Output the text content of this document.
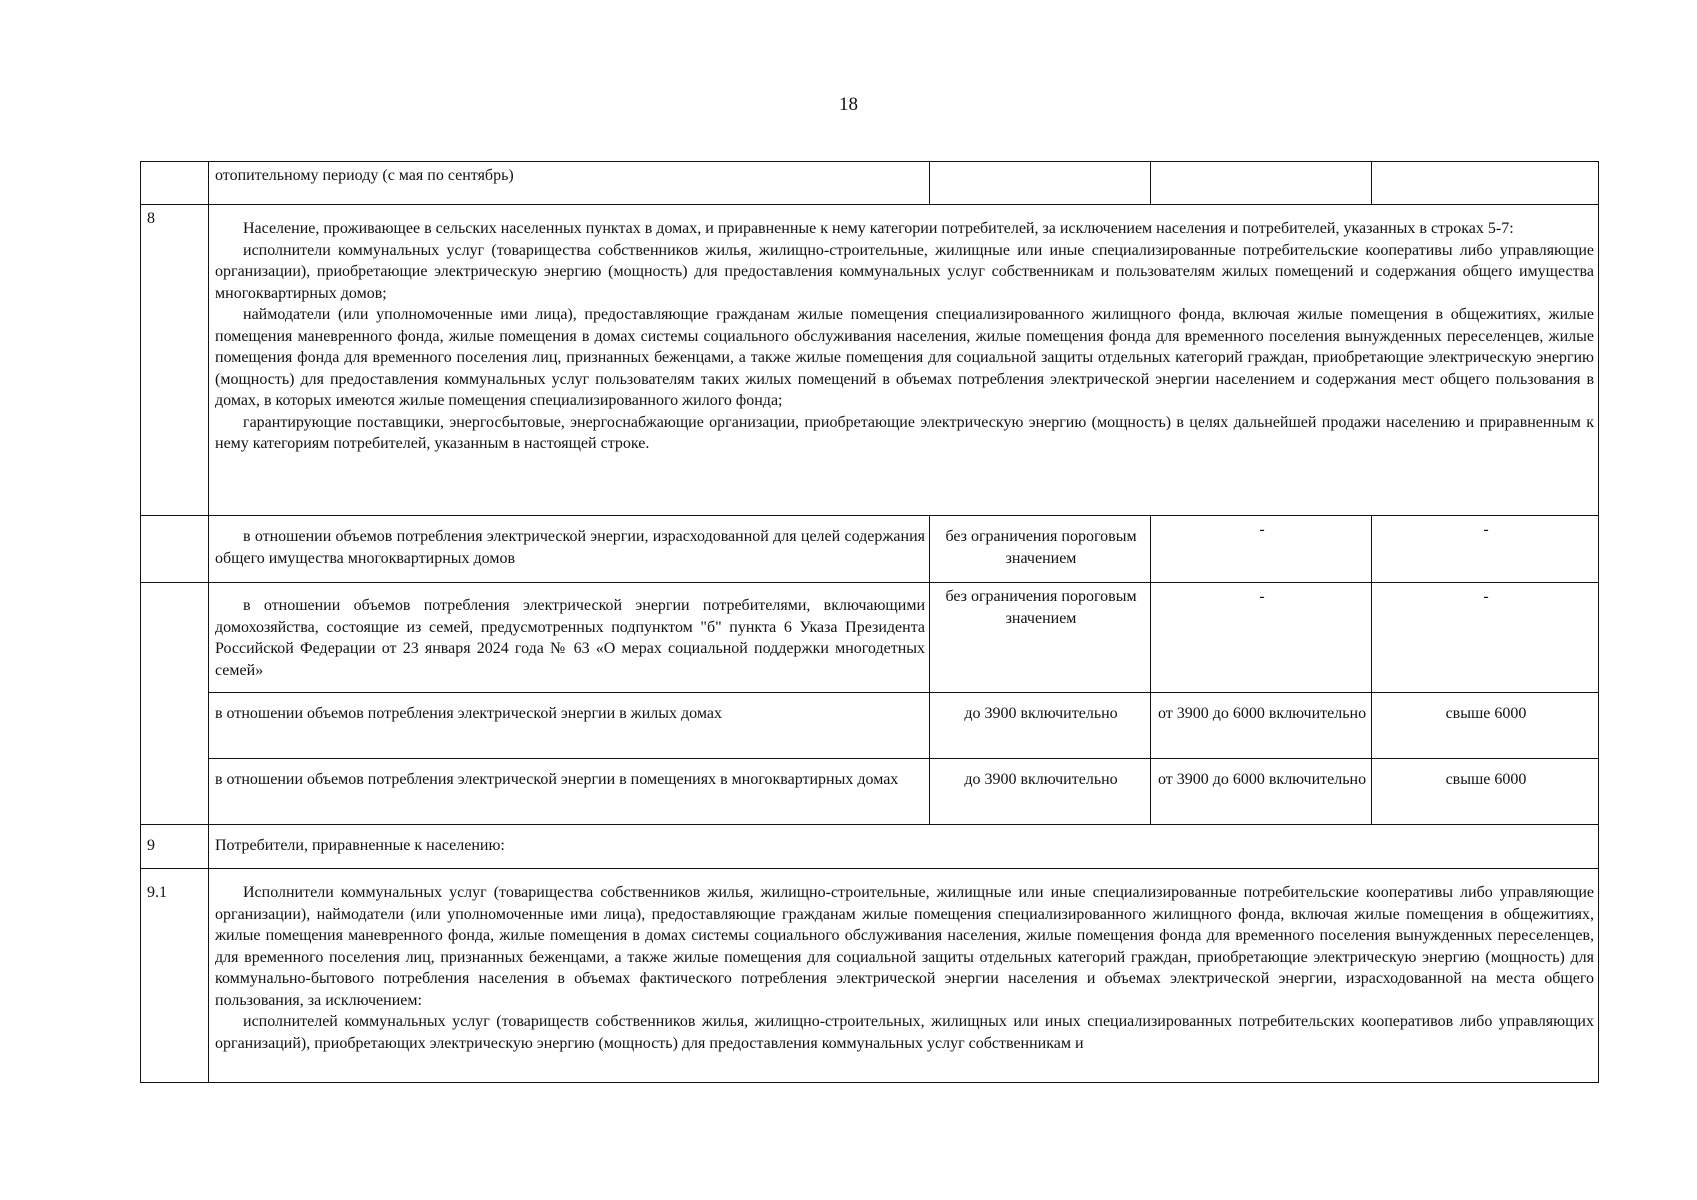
18
	отопительному периоду (с мая по сентябрь)			
8	Население, проживающее в сельских населенных пунктах в домах, и приравненные к нему категории потребителей, за исключением населения и потребителей, указанных в строках 5-7:

исполнители коммунальных услуг (товарищества собственников жилья, жилищно-строительные, жилищные или иные специализированные потребительские кооперативы либо управляющие организации), приобретающие электрическую энергию (мощность) для предоставления коммунальных услуг собственникам и пользователям жилых помещений и содержания общего имущества многоквартирных домов;

наймодатели (или уполномоченные ими лица), предоставляющие гражданам жилые помещения специализированного жилищного фонда, включая жилые помещения в общежитиях, жилые помещения маневренного фонда, жилые помещения в домах системы социального обслуживания населения, жилые помещения фонда для временного поселения вынужденных переселенцев, жилые помещения фонда для временного поселения лиц, признанных беженцами, а также жилые помещения для социальной защиты отдельных категорий граждан, приобретающие электрическую энергию (мощность) для предоставления коммунальных услуг пользователям таких жилых помещений в объемах потребления электрической энергии населением и содержания мест общего пользования в домах, в которых имеются жилые помещения специализированного жилого фонда;

гарантирующие поставщики, энергосбытовые, энергоснабжающие организации, приобретающие электрическую энергию (мощность) в целях дальнейшей продажи населению и приравненным к нему категориям потребителей, указанным в настоящей строке.			

	в отношении объемов потребления электрической энергии, израсходованной для целей содержания общего имущества многоквартирных домов	без ограничения пороговым значением	-	-
	в отношении объемов потребления электрической энергии потребителями, включающими домохозяйства, состоящие из семей, предусмотренных подпунктом "б" пункта 6 Указа Президента Российской Федерации от 23 января 2024 года № 63 «О мерах социальной поддержки многодетных семей»	без ограничения пороговым значением	-	-
	в отношении объемов потребления электрической энергии в жилых домах	до 3900 включительно	от 3900 до 6000 включительно	свыше 6000
	в отношении объемов потребления электрической энергии в помещениях в многоквартирных домах	до 3900 включительно	от 3900 до 6000 включительно	свыше 6000
9	Потребители, приравненные к населению:			
9.1	Исполнители коммунальных услуг (товарищества собственников жилья, жилищно-строительные, жилищные или иные специализированные потребительские кооперативы либо управляющие организации), наймодатели (или уполномоченные ими лица), предоставляющие гражданам жилые помещения специализированного жилищного фонда, включая жилые помещения в общежитиях, жилые помещения маневренного фонда, жилые помещения в домах системы социального обслуживания населения, жилые помещения фонда для временного поселения вынужденных переселенцев, для временного поселения лиц, признанных беженцами, а также жилые помещения для социальной защиты отдельных категорий граждан, приобретающие электрическую энергию (мощность) для коммунально-бытового потребления населения в объемах фактического потребления электрической энергии населения и объемах электрической энергии, израсходованной на места общего пользования, за исключением:

исполнителей коммунальных услуг (товариществ собственников жилья, жилищно-строительных, жилищных или иных специализированных потребительских кооперативов либо управляющих организаций), приобретающих электрическую энергию (мощность) для предоставления коммунальных услуг собственникам и			
